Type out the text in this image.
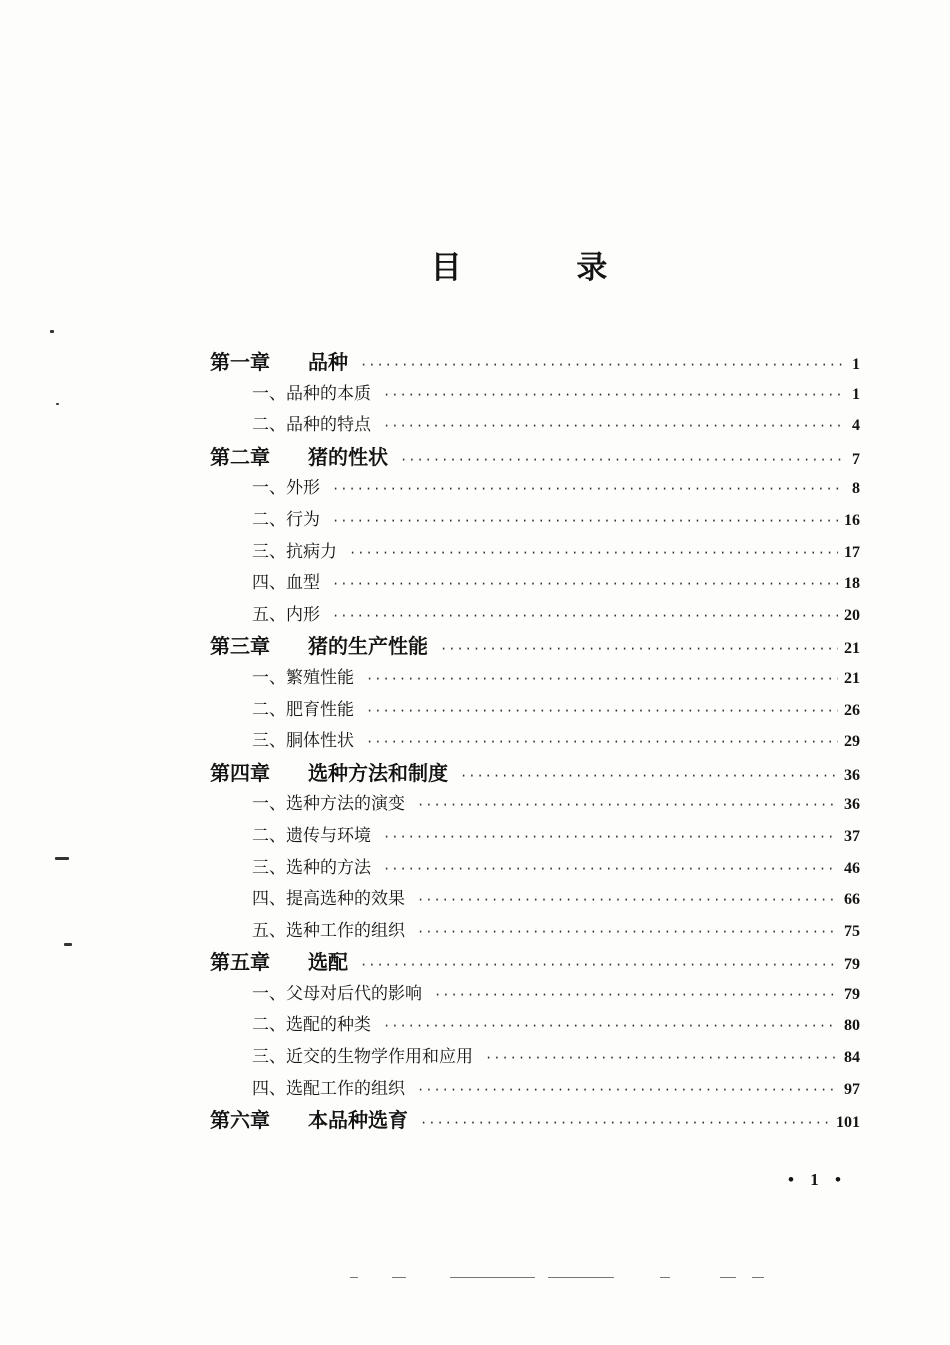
目 录
第一章 品种 ·····	1
一、品种的本质 ·····	1
二、品种的特点 ·····	4
第二章 猪的性状 ·····	7
一、外形 ·····	8
二、行为 ·····	16
三、抗病力 ·····	17
四、血型 ·····	18
五、内形 ·····	20
第三章 猪的生产性能 ·····	21
一、繁殖性能 ·····	21
二、肥育性能 ·····	26
三、胴体性状 ·····	29
第四章 选种方法和制度 ·····	36
一、选种方法的演变 ·····	36
二、遗传与环境 ·····	37
三、选种的方法 ·····	46
四、提高选种的效果 ·····	66
五、选种工作的组织 ·····	75
第五章 选配 ·····	79
一、父母对后代的影响 ·····	79
二、选配的种类 ·····	80
三、近交的生物学作用和应用 ·····	84
四、选配工作的组织 ·····	97
第六章 本品种选育 ·····	101
• 1 •
